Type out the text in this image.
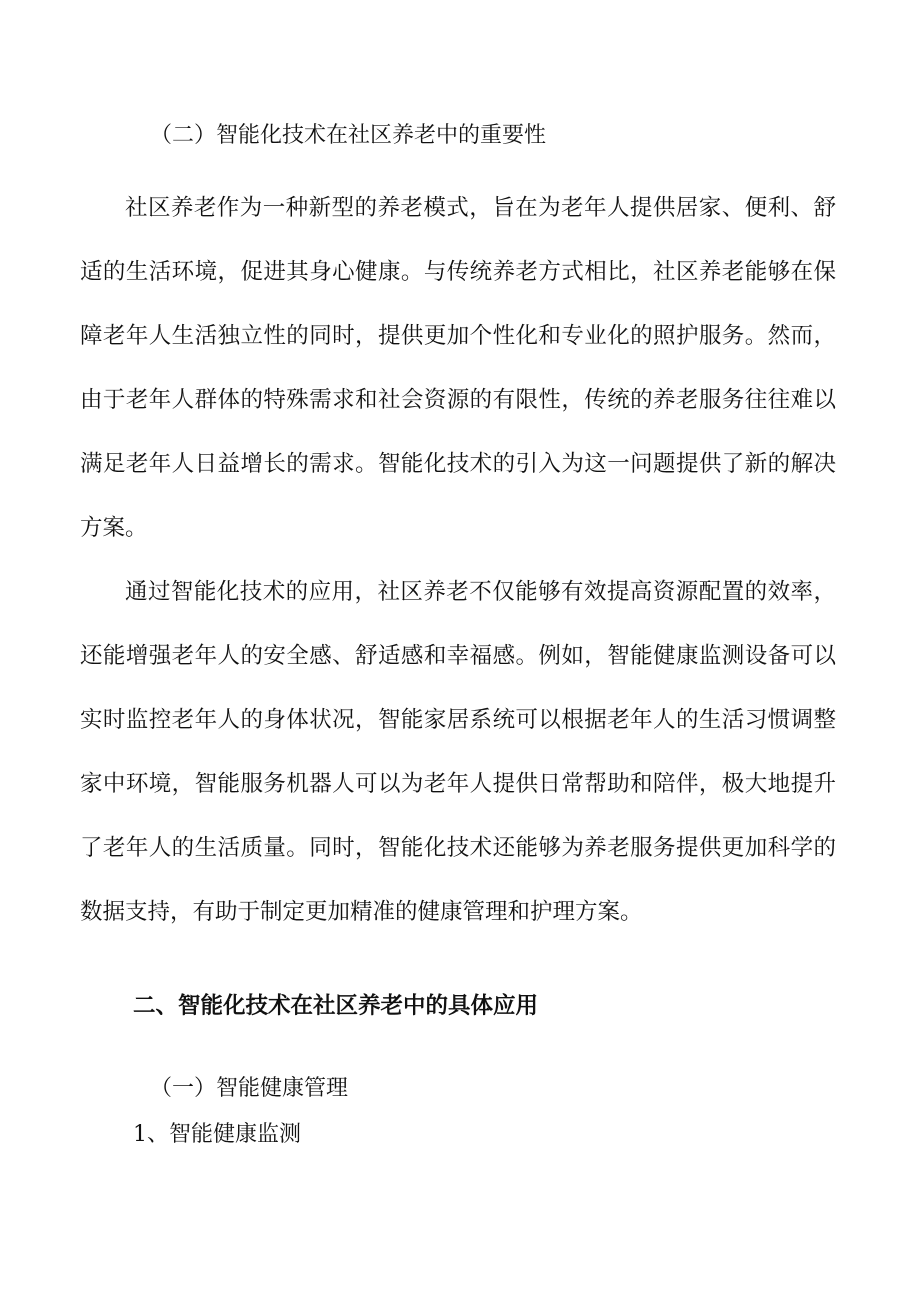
（二）智能化技术在社区养老中的重要性

社区养老作为一种新型的养老模式，旨在为老年人提供居家、便利、舒适的生活环境，促进其身心健康。与传统养老方式相比，社区养老能够在保障老年人生活独立性的同时，提供更加个性化和专业化的照护服务。然而，由于老年人群体的特殊需求和社会资源的有限性，传统的养老服务往往难以满足老年人日益增长的需求。智能化技术的引入为这一问题提供了新的解决方案。

通过智能化技术的应用，社区养老不仅能够有效提高资源配置的效率，还能增强老年人的安全感、舒适感和幸福感。例如，智能健康监测设备可以实时监控老年人的身体状况，智能家居系统可以根据老年人的生活习惯调整家中环境，智能服务机器人可以为老年人提供日常帮助和陪伴，极大地提升了老年人的生活质量。同时，智能化技术还能够为养老服务提供更加科学的数据支持，有助于制定更加精准的健康管理和护理方案。

二、智能化技术在社区养老中的具体应用
（一）智能健康管理
1、智能健康监测
